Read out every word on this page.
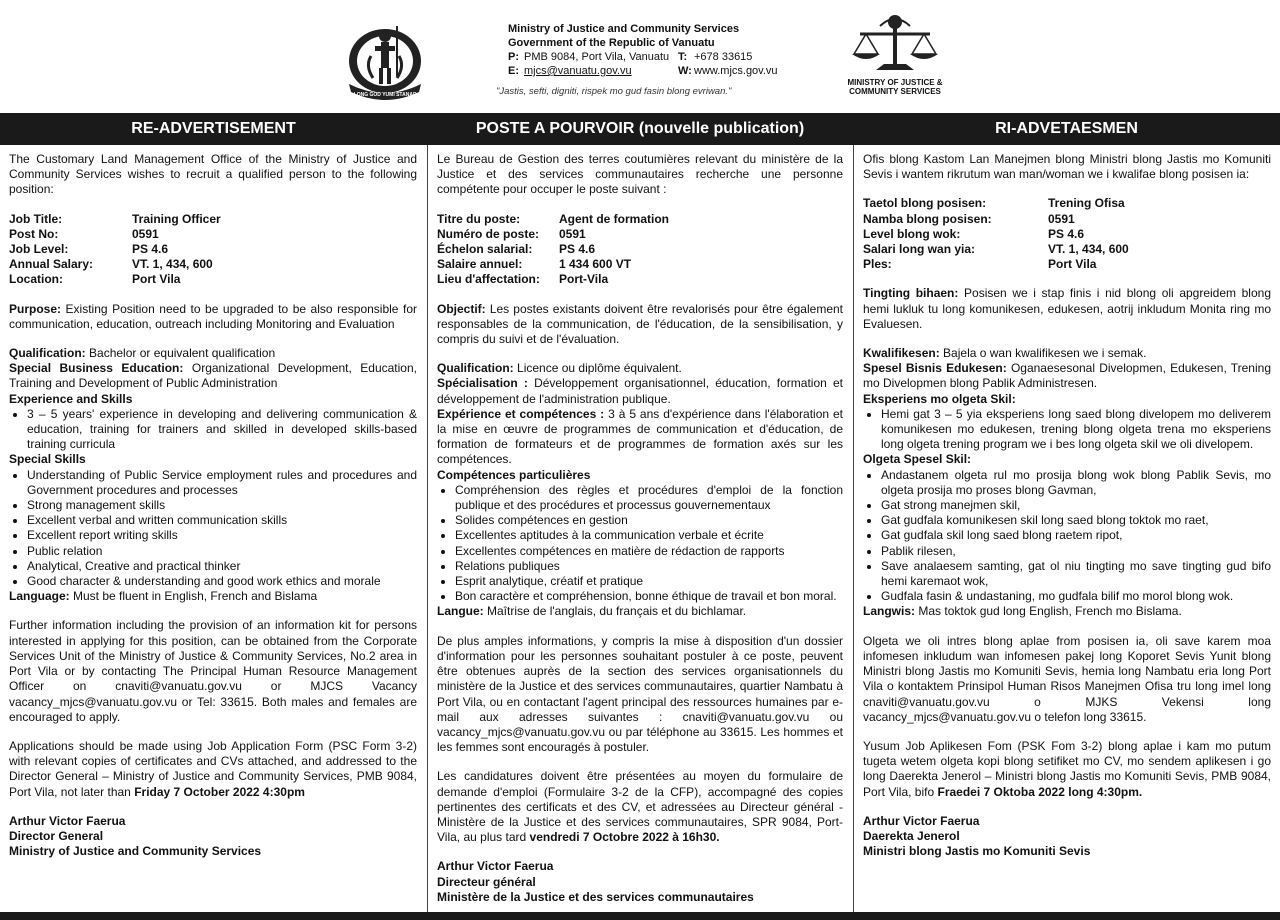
LONG GOD YUMI STANAP
Ministry of Justice and Community Services
Government of the Republic of Vanuatu
P: PMB 9084, Port Vila, Vanuatu T: +678 33615
E: mjcs@vanuatu.gov.vu	W: www.mjcs.gov.vu
"Jastis, sefti, digniti, rispek mo gud fasin blong evriwan."
MINISTRY OF JUSTICE &
COMMUNITY SERVICES
RE-ADVERTISEMENT	POSTE A POURVOIR (nouvelle publication)	RI-ADVETAESMEN

The Customary Land Management Office of the Ministry of Justice and Community Services wishes to recruit a qualified person to the following position:

Job Title:	Training Officer
Post No:	0591
Job Level:	PS 4.6
Annual Salary:	VT. 1, 434, 600
Location:	Port Vila

Purpose: Existing Position need to be upgraded to be also responsible for communication, education, outreach including Monitoring and Evaluation

Qualification: Bachelor or equivalent qualification

Special Business Education: Organizational Development, Education, Training and Development of Public Administration

Experience and Skills

• 3 – 5 years' experience in developing and delivering communication & education, training for trainers and skilled in developed skills-based training curricula

Special Skills

• Understanding of Public Service employment rules and procedures and Government procedures and processes
• Strong management skills
• Excellent verbal and written communication skills
• Excellent report writing skills
• Public relation
• Analytical, Creative and practical thinker
• Good character & understanding and good work ethics and morale

Language: Must be fluent in English, French and Bislama

Further information including the provision of an information kit for persons interested in applying for this position, can be obtained from the Corporate Services Unit of the Ministry of Justice & Community Services, No.2 area in Port Vila or by contacting The Principal Human Resource Management Officer on cnaviti@vanuatu.gov.vu or MJCS Vacancy vacancy_mjcs@vanuatu.gov.vu or Tel: 33615. Both males and females are encouraged to apply.

Applications should be made using Job Application Form (PSC Form 3-2) with relevant copies of certificates and CVs attached, and addressed to the Director General – Ministry of Justice and Community Services, PMB 9084, Port Vila, not later than Friday 7 October 2022 4:30pm

Arthur Victor Faerua

Director General

Ministry of Justice and Community Services

Le Bureau de Gestion des terres coutumières relevant du ministère de la Justice et des services communautaires recherche une personne compétente pour occuper le poste suivant :

Titre du poste:	Agent de formation
Numéro de poste:	0591
Échelon salarial:	PS 4.6
Salaire annuel:	1 434 600 VT
Lieu d'affectation:	Port-Vila

Objectif: Les postes existants doivent être revalorisés pour être également responsables de la communication, de l'éducation, de la sensibilisation, y compris du suivi et de l'évaluation.

Qualification: Licence ou diplôme équivalent.

Spécialisation : Développement organisationnel, éducation, formation et développement de l'administration publique.

Expérience et compétences : 3 à 5 ans d'expérience dans l'élaboration et la mise en œuvre de programmes de communication et d'éducation, de formation de formateurs et de programmes de formation axés sur les compétences.

Compétences particulières

• Compréhension des règles et procédures d'emploi de la fonction publique et des procédures et processus gouvernementaux
• Solides compétences en gestion
• Excellentes aptitudes à la communication verbale et écrite
• Excellentes compétences en matière de rédaction de rapports
• Relations publiques
• Esprit analytique, créatif et pratique
• Bon caractère et compréhension, bonne éthique de travail et bon moral.

Langue: Maîtrise de l'anglais, du français et du bichlamar.

De plus amples informations, y compris la mise à disposition d'un dossier d'information pour les personnes souhaitant postuler à ce poste, peuvent être obtenues auprès de la section des services organisationnels du ministère de la Justice et des services communautaires, quartier Nambatu à Port Vila, ou en contactant l'agent principal des ressources humaines par e-mail aux adresses suivantes : cnaviti@vanuatu.gov.vu ou vacancy_mjcs@vanuatu.gov.vu ou par téléphone au 33615. Les hommes et les femmes sont encouragés à postuler.

Les candidatures doivent être présentées au moyen du formulaire de demande d'emploi (Formulaire 3-2 de la CFP), accompagné des copies pertinentes des certificats et des CV, et adressées au Directeur général - Ministère de la Justice et des services communautaires, SPR 9084, Port-Vila, au plus tard vendredi 7 Octobre 2022 à 16h30.

Arthur Victor Faerua

Directeur général

Ministère de la Justice et des services communautaires

Ofis blong Kastom Lan Manejmen blong Ministri blong Jastis mo Komuniti Sevis i wantem rikrutum wan man/woman we i kwalifae blong posisen ia:

Taetol blong posisen:	Trening Ofisa
Namba blong posisen:	0591
Level blong wok:	PS 4.6
Salari long wan yia:	VT. 1, 434, 600
Ples:	Port Vila

Tingting bihaen: Posisen we i stap finis i nid blong oli apgreidem blong hemi lukluk tu long komunikesen, edukesen, aotrij inkludum Monita ring mo Evaluesen.

Kwalifikesen: Bajela o wan kwalifikesen we i semak.

Spesel Bisnis Edukesen: Oganaesesonal Divelopmen, Edukesen, Trening mo Divelopmen blong Pablik Administresen.

Eksperiens mo olgeta Skil:

• Hemi gat 3 – 5 yia eksperiens long saed blong divelopem mo deliverem komunikesen mo edukesen, trening blong olgeta trena mo eksperiens long olgeta trening program we i bes long olgeta skil we oli divelopem.

Olgeta Spesel Skil:

• Andastanem olgeta rul mo prosija blong wok blong Pablik Sevis, mo olgeta prosija mo proses blong Gavman,
• Gat strong manejmen skil,
• Gat gudfala komunikesen skil long saed blong toktok mo raet,
• Gat gudfala skil long saed blong raetem ripot,
• Pablik rilesen,
• Save analaesem samting, gat ol niu tingting mo save tingting gud bifo hemi karemaot wok,
• Gudfala fasin & undastaning, mo gudfala bilif mo morol blong wok.

Langwis: Mas toktok gud long English, French mo Bislama.

Olgeta we oli intres blong aplae from posisen ia, oli save karem moa infomesen inkludum wan infomesen pakej long Koporet Sevis Yunit blong Ministri blong Jastis mo Komuniti Sevis, hemia long Nambatu eria long Port Vila o kontaktem Prinsipol Human Risos Manejmen Ofisa tru long imel long cnaviti@vanuatu.gov.vu o MJKS Vekensi long vacancy_mjcs@vanuatu.gov.vu o telefon long 33615.

Yusum Job Aplikesen Fom (PSK Fom 3-2) blong aplae i kam mo putum tugeta wetem olgeta kopi blong setifiket mo CV, mo sendem aplikesen i go long Daerekta Jenerol – Ministri blong Jastis mo Komuniti Sevis, PMB 9084, Port Vila, bifo Fraedei 7 Oktoba 2022 long 4:30pm.

Arthur Victor Faerua

Daerekta Jenerol

Ministri blong Jastis mo Komuniti Sevis
